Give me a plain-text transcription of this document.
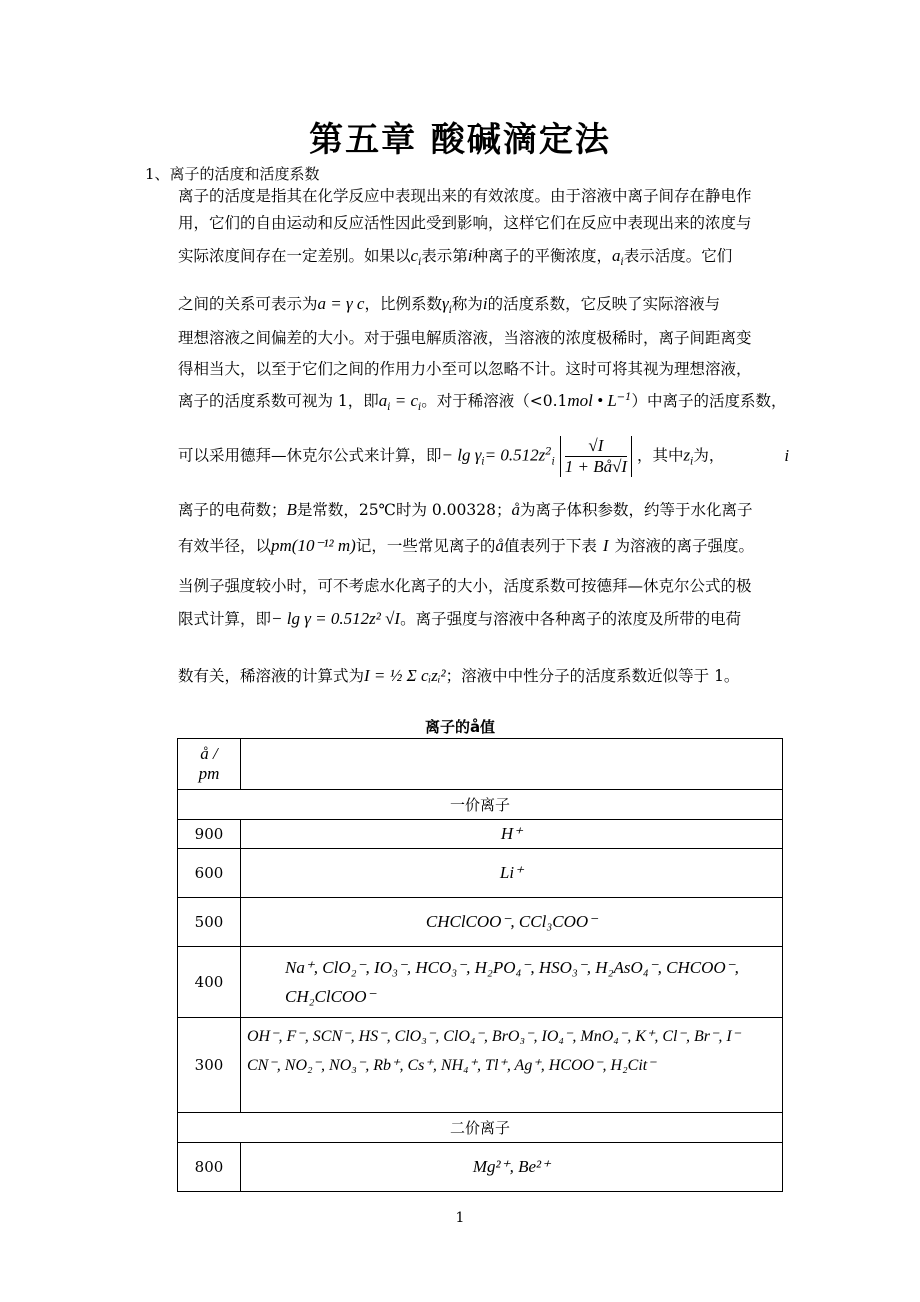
第五章 酸碱滴定法
1、离子的活度和活度系数
离子的活度是指其在化学反应中表现出来的有效浓度。由于溶液中离子间存在静电作
用，它们的自由运动和反应活性因此受到影响，这样它们在反应中表现出来的浓度与
实际浓度间存在一定差别。如果以$c_i$表示第i种离子的平衡浓度，$a_i$表示活度。它们
之间的关系可表示为a = γ c，比例系数$\gamma_i$称为i的活度系数，它反映了实际溶液与
理想溶液之间偏差的大小。对于强电解质溶液，当溶液的浓度极稀时，离子间距离变
得相当大，以至于它们之间的作用力小至可以忽略不计。这时可将其视为理想溶液，
离子的活度系数可视为 1，即$a_i = c_i$。对于稀溶液（<0.1mol • $L^{-1}$）中离子的活度系数，
可以采用德拜—休克尔公式来计算，即− $\lg \gamma_i= 0.512z^2_i \frac{√I}{1 + Bå√I}$ ，其中$z_i$为，	i
离子的电荷数；B是常数，25℃时为 0.00328；å为离子体积参数，约等于水化离子
有效半径，以pm(10⁻¹² m)记，一些常见离子的å值表列于下表 I 为溶液的离子强度。
当例子强度较小时，可不考虑水化离子的大小，活度系数可按德拜—休克尔公式的极
限式计算，即− lg γ = 0.512z² √I。离子强度与溶液中各种离子的浓度及所带的电荷
数有关，稀溶液的计算式为I = ½ Σ cᵢzᵢ²；溶液中中性分子的活度系数近似等于 1。
离子的å值
å /
pm	
一价离子	
900	H⁺
600	Li⁺
500	CHClCOO⁻, CCl₃COO⁻
400	Na⁺, ClO₂⁻, IO₃⁻, HCO₃⁻, H₂PO₄⁻, HSO₃⁻, H₂AsO₄⁻, CHCOO⁻,
CH₂ClCOO⁻
300	OH⁻, F⁻, SCN⁻, HS⁻, ClO₃⁻, ClO₄⁻, BrO₃⁻, IO₄⁻, MnO₄⁻, K⁺, Cl⁻, Br⁻, I⁻
CN⁻, NO₂⁻, NO₃⁻, Rb⁺, Cs⁺, NH₄⁺, Tl⁺, Ag⁺, HCOO⁻, H₂Cit⁻
二价离子	
800	Mg²⁺, Be²⁺
1
